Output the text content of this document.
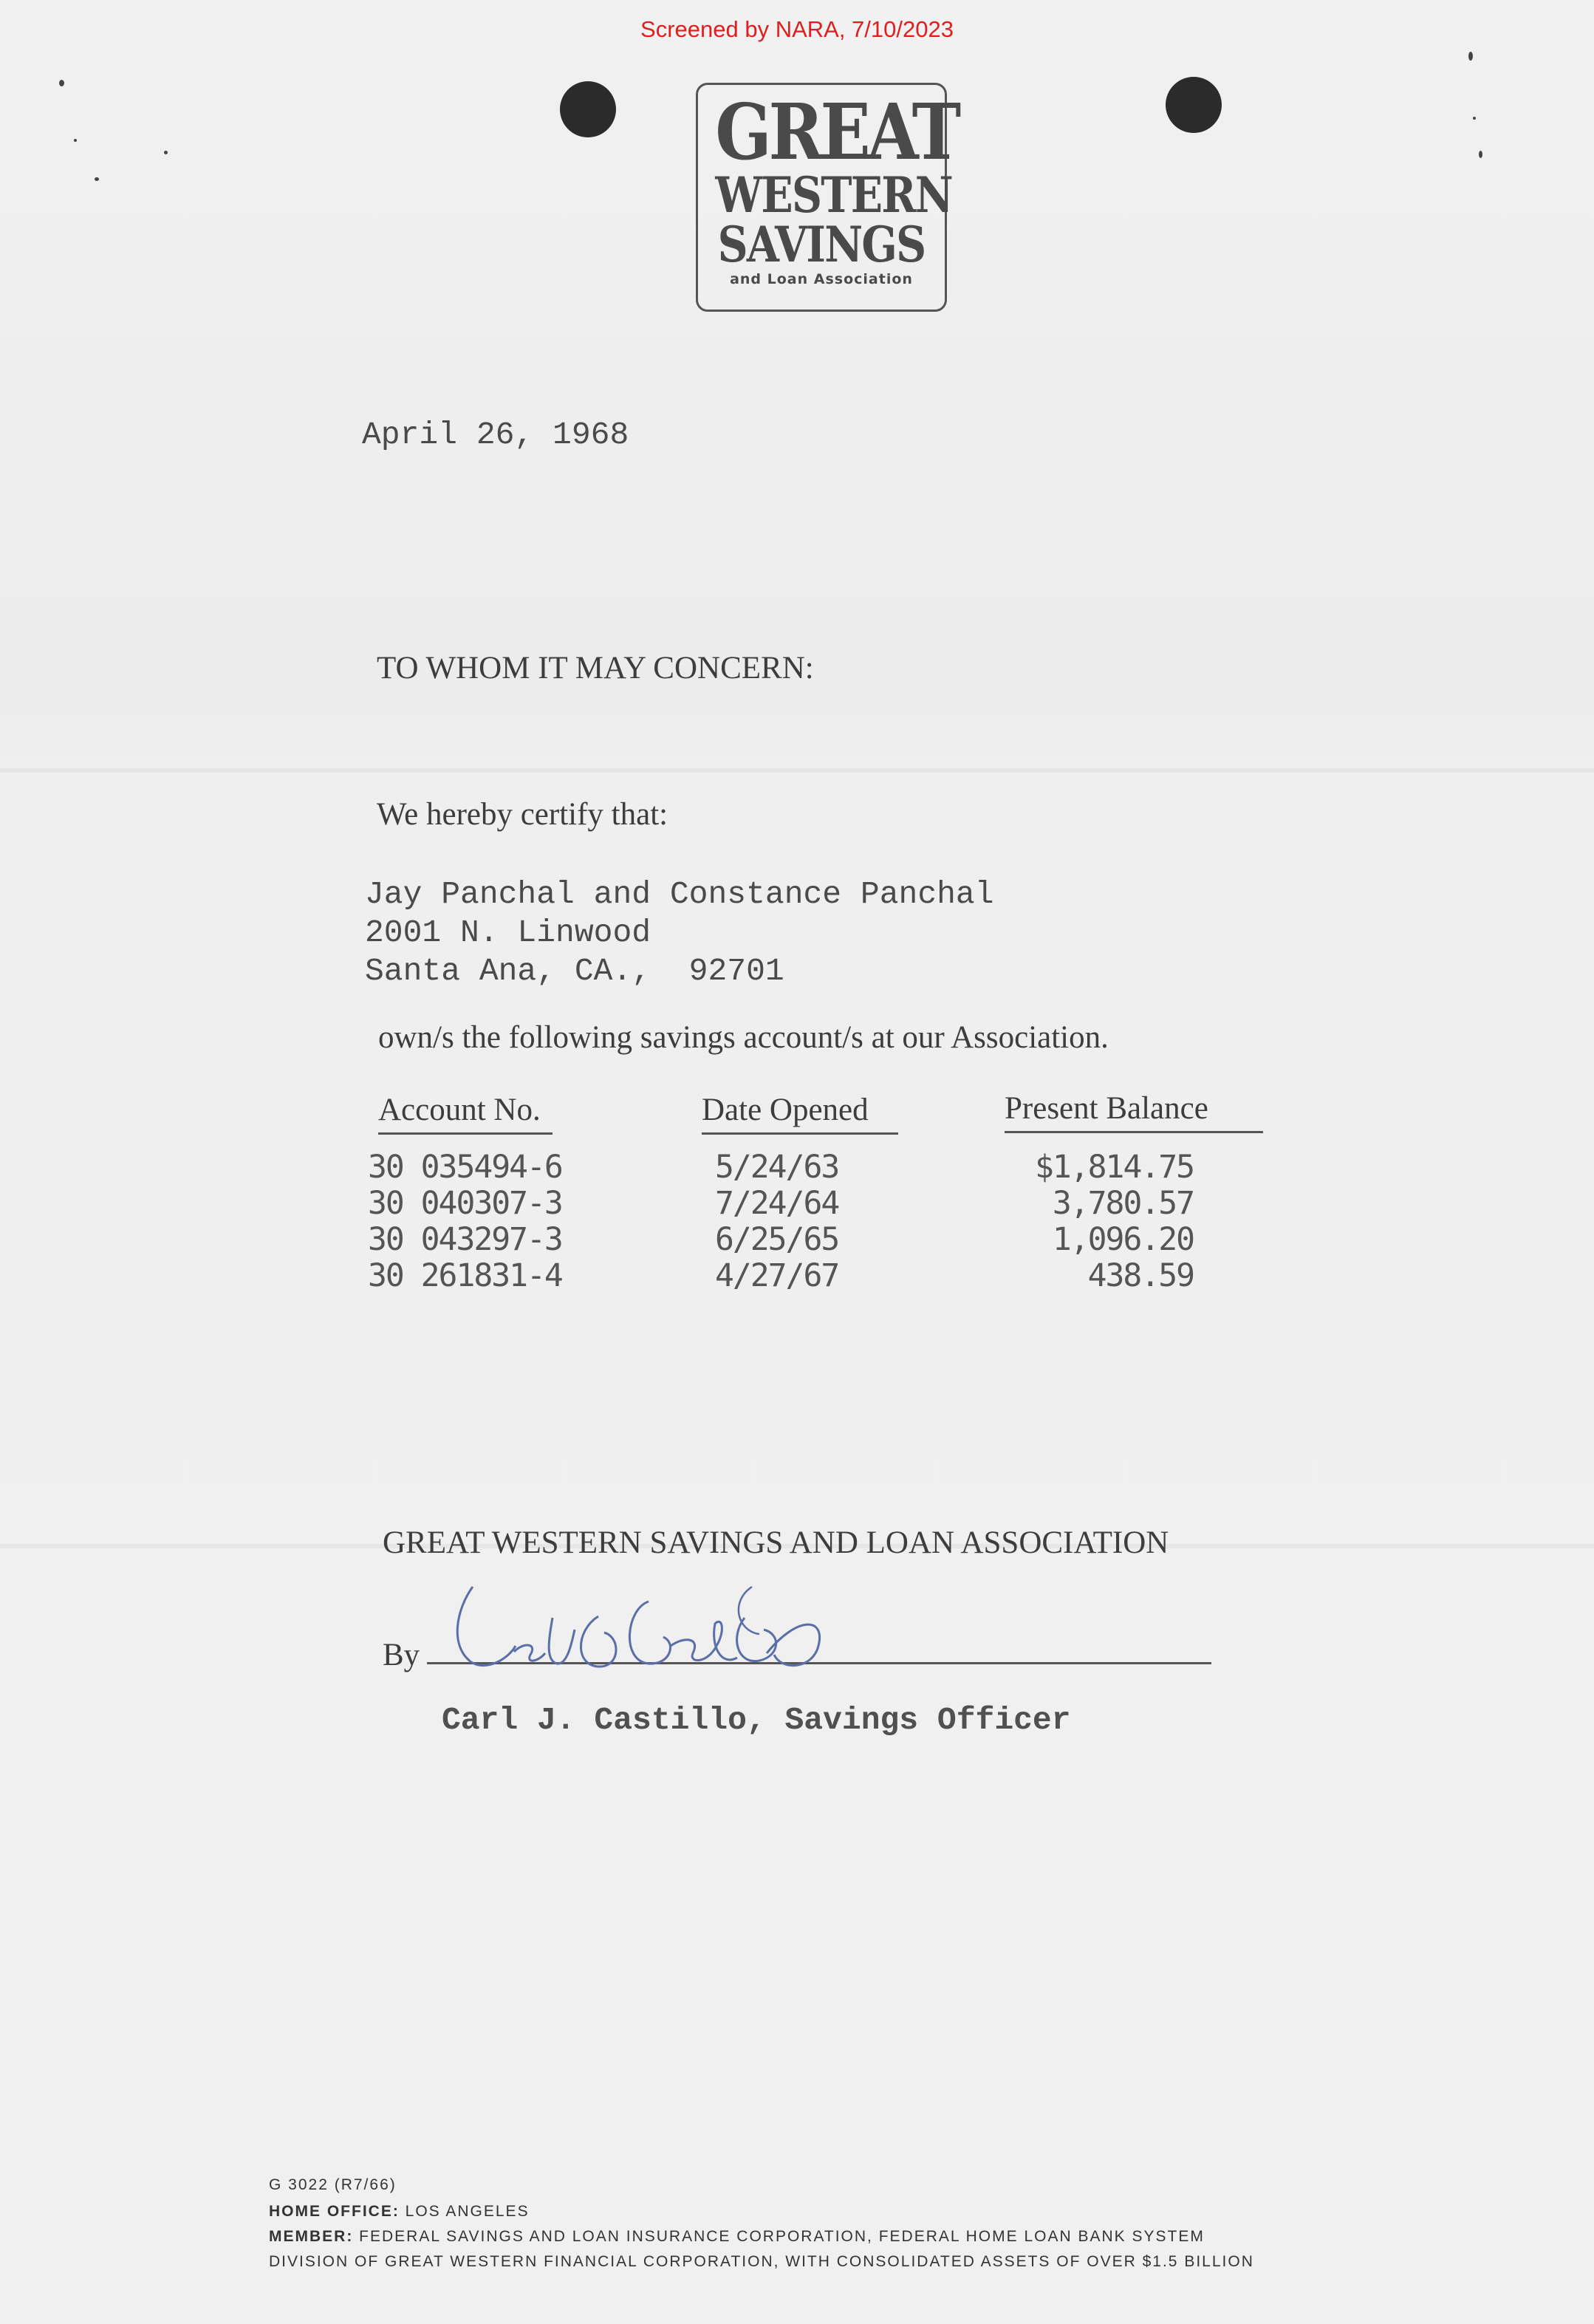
Screened by NARA, 7/10/2023
GREAT
WESTERN
SAVINGS
and Loan Association
April 26, 1968
TO WHOM IT MAY CONCERN:
We hereby certify that:
Jay Panchal and Constance Panchal
2001 N. Linwood
Santa Ana, CA.,  92701
own/s the following savings account/s at our Association.
Account No.	Date Opened	Present Balance
30 035494-6	5/24/63	$1,814.75
30 040307-3	7/24/64	3,780.57
30 043297-3	6/25/65	1,096.20
30 261831-4	4/27/67	438.59
GREAT WESTERN SAVINGS AND LOAN ASSOCIATION
By
Carl J. Castillo, Savings Officer
G 3022 (R7/66)
HOME OFFICE: LOS ANGELES
MEMBER: FEDERAL SAVINGS AND LOAN INSURANCE CORPORATION, FEDERAL HOME LOAN BANK SYSTEM
DIVISION OF GREAT WESTERN FINANCIAL CORPORATION, WITH CONSOLIDATED ASSETS OF OVER $1.5 BILLION
